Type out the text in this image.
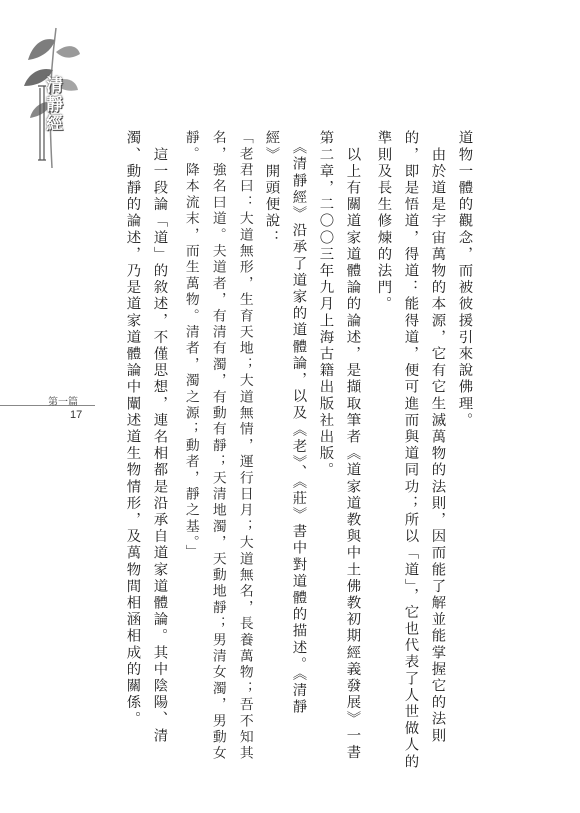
清靜經
第一篇
17	道物一體的觀念，而被彼援引來說佛理。
　由於道是宇宙萬物的本源，它有它生滅萬物的法則，因而能了解並能掌握它的法則
的，即是悟道，得道：能得道，便可進而與道同功；所以「道」，它也代表了人世做人的
準則及長生修煉的法門。
　以上有關道家道體論的論述，是擷取筆者《道家道教與中土佛教初期經義發展》一書
第二章，二〇〇三年九月上海古籍出版社出版。
　《清靜經》沿承了道家的道體論，以及《老》、《莊》書中對道體的描述。《清靜
經》開頭便說：
「老君曰：大道無形，生育天地；大道無情，運行日月；大道無名，長養萬物；吾不知其
名，強名曰道。夫道者，有清有濁，有動有靜；天清地濁，天動地靜；男清女濁，男動女
靜。降本流末，而生萬物。清者，濁之源；動者，靜之基。」
　這一段論「道」的敘述，不僅思想，連名相都是沿承自道家道體論。其中陰陽、清
濁、動靜的論述，乃是道家道體論中闡述道生物情形，及萬物間相涵相成的關係。
